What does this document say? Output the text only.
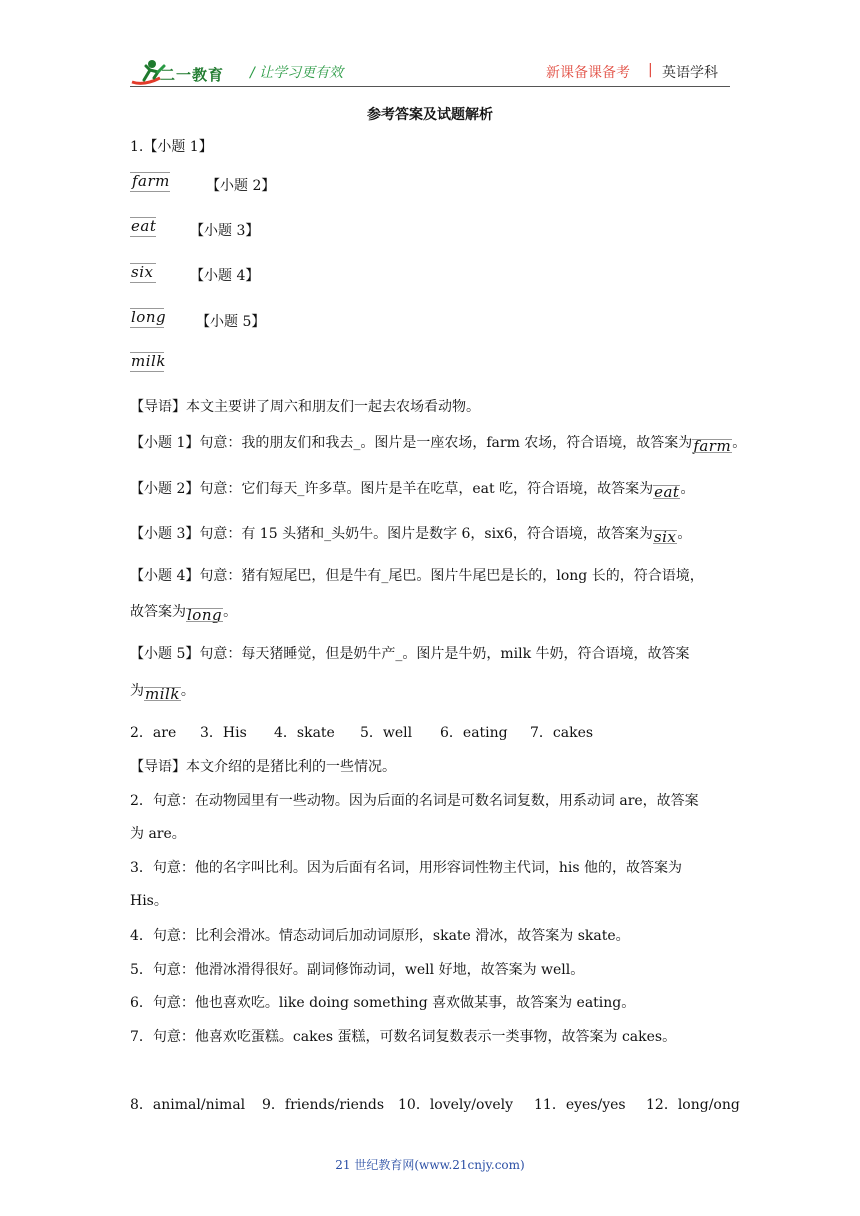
二一教育 / 让学习更有效	新课备课备考 | 英语学科
参考答案及试题解析
1.【小题 1】
farm	【小题 2】
eat 【小题 3】
six	【小题 4】
long 【小题 5】
milk
【导语】本文主要讲了周六和朋友们一起去农场看动物。
【小题 1】句意：我的朋友们和我去_。图片是一座农场，farm 农场，符合语境，故答案为farm。
【小题 2】句意：它们每天_许多草。图片是羊在吃草，eat 吃，符合语境，故答案为eat。
【小题 3】句意：有 15 头猪和_头奶牛。图片是数字 6，six6，符合语境，故答案为six。
【小题 4】句意：猪有短尾巴，但是牛有_尾巴。图片牛尾巴是长的，long 长的，符合语境，
故答案为long。
【小题 5】句意：每天猪睡觉，但是奶牛产_。图片是牛奶，milk 牛奶，符合语境，故答案
为milk。
2．are 3．His 4．skate 5．well 6．eating 7．cakes
【导语】本文介绍的是猪比利的一些情况。
2．句意：在动物园里有一些动物。因为后面的名词是可数名词复数，用系动词 are，故答案
为 are。
3．句意：他的名字叫比利。因为后面有名词，用形容词性物主代词，his 他的，故答案为
His。
4．句意：比利会滑冰。情态动词后加动词原形，skate 滑冰，故答案为 skate。
5．句意：他滑冰滑得很好。副词修饰动词，well 好地，故答案为 well。
6．句意：他也喜欢吃。like doing something 喜欢做某事，故答案为 eating。
7．句意：他喜欢吃蛋糕。cakes 蛋糕，可数名词复数表示一类事物，故答案为 cakes。
8．animal/nimal 9．friends/riends 10．lovely/ovely 11．eyes/yes 12．long/ong
21 世纪教育网(www.21cnjy.com)
